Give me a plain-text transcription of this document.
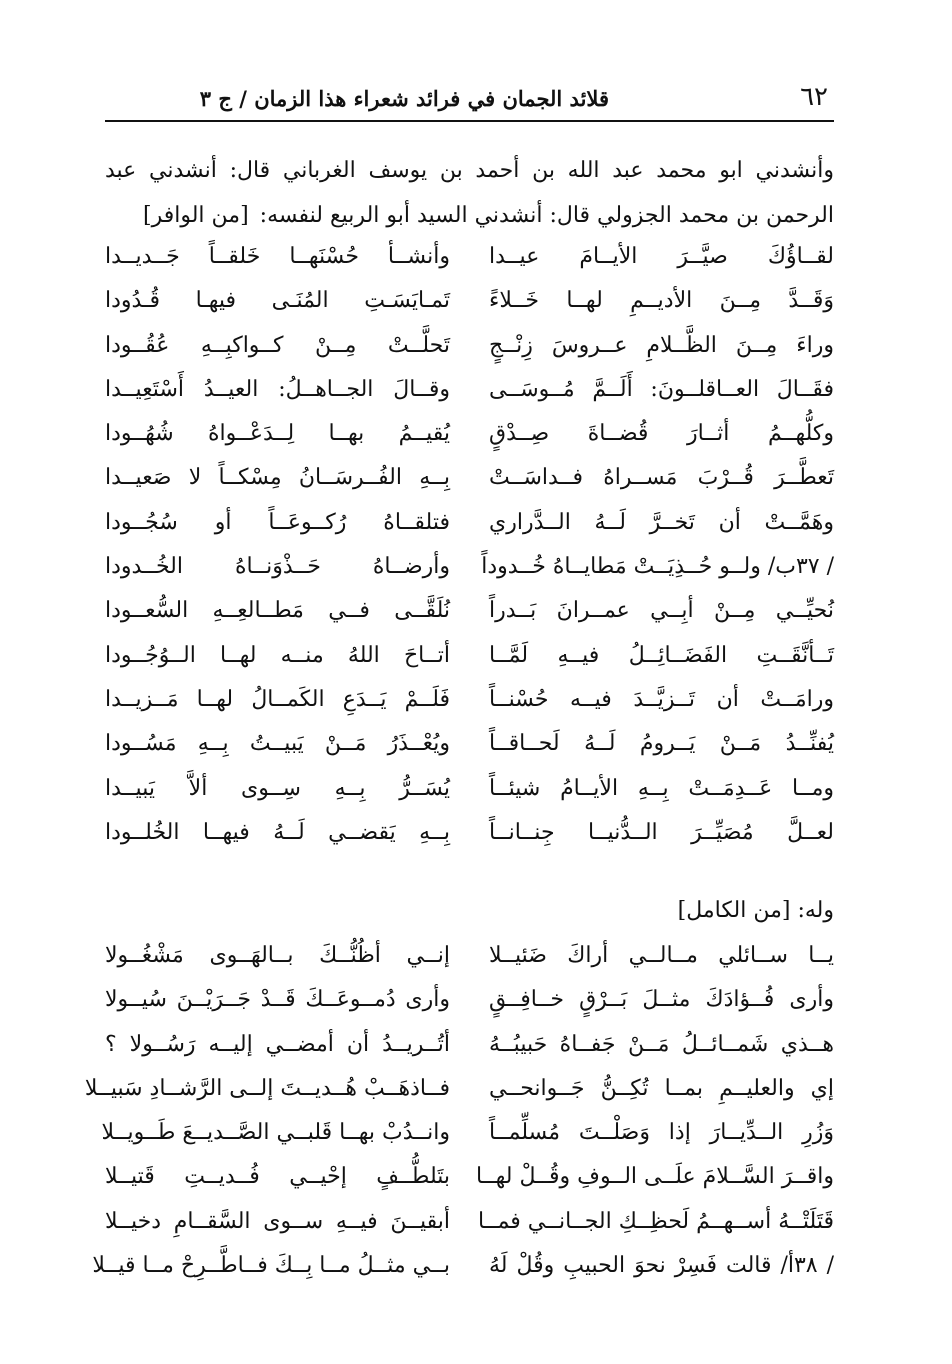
٦٢
قلائد الجمان في فرائد شعراء هذا الزمان / ج ٣
وأنشدني ابو محمد عبد الله بن أحمد بن يوسف الغرباني قال: أنشدني عبد
الرحمن بن محمد الجزولي قال: أنشدني السيد أبو الربيع لنفسه: [من الوافر]
لقــاؤُكَ صيَّــرَ الأيــامَ عيــدا
وأنشــأ حُسْنَهــا خَلقــاً جَــديــدا
وَقَــدَّ مِــنَ الأديــمِ لهــا خَــلاءً
تَمـايَسَـتِ المُنَـى فيهـا قُـدُودا
وراءَ مِــنَ الظَّــلامِ عــروسَ زِنْــجٍ
تَحلَّــتْ مِــنْ كــواكبِــهِ عُقُــودا
فقَــالَ العــاقلــونَ: أَلَــمَّ مُــوسَــى
وقــالَ الجــاهــلُ: العيــدُ أَسْتَعِيــدا
وكلُّهــمُ أثــارَ قُضــاةَ صِــدْقٍ
يُقيــمُ بهــا لِــدَعْــواهُ شُهُــودا
تَعطَّــرَ قُــرْبَ مَســراهُ فــداسَــتْ
بِــهِ الفُــرسَــانُ مِسْكــاً لا صَعيــدا
وهَمَّــتْ أن تَخــرَّ لَــهُ الــدَّراري
فتلقــاهُ رُكــوعَــاً أو سُجُــودا
/ ٣٧ب/ ولــو حُــذِيَــتْ مَطايــاهُ خُــدوداً
وأرضــاهُ حَــذْوَنــاهُ الخُــدودا
نُحيِّــي مِــنْ أبِــي عمــرانَ بَــدراً
نُلَقَّــى فــي مَطــالعِــهِ السُّعــودا
تَــأنَّقَــتِ الفَضَــائِــلُ فيــهِ لَمَّــا
أتــاحَ اللهُ منــه لهــا الــوُجُــودا
ورامَــتْ أن تَــزيَّــدَ فيــه حُسْنــاً
فَلَــمْ يَــدَعِ الكَمــالُ لهــا مَــزيــدا
يُفنِّــدُ مَــنْ يَــرومُ لَــهُ لَحــاقــاً
ويُعْــذَرُ مَــنْ يَبيــتُ بِــهِ مَسُــودا
ومــا عَــدِمَــتْ بِــهِ الأيــامُ شيئــاً
يُسَــرُّ بِــهِ سِــوى ألاَّ يَبيــدا
لعــلَّ مُصَيِّــرَ الــدُّنيــا جِنــانــاً
بِــهِ يَقضــي لَــهُ فيهــا الخُلــودا
وله: [من الكامل]
يــا ســائلي مــالــي أراكَ ضَئيــلا
إنــي أظُنُّــكَ بــالهَــوى مَشْغُــولا
وأرى فُــؤادَكَ مثــلَ بَــرْقٍ خــافِــقٍ
وأرى دُمــوعَــكَ قَــدْ جَــرَيْــنَ سُيــولا
هــذي شَمــائــلُ مَــنْ جَفــاهُ حَبيبُــهُ
أتُــريــدُ أن أمضــي إليــه رَسُــولا ؟
إي والعليــمِ بمــا تُكِــنُّ جَــوانحــي
فــاذهَــبْ هُــديــتَ إلــى الرَّشــادِ سَبيــلا
وَزُرِ الــدِّيــارَ إذا وَصَلْــتَ مُسلِّمــاً
وانــدُبْ بهــا قَلبــي الصَّــديــعَ طَــويــلا
واقــرَ السَّــلامَ علَــى الــوفِ وقُــلْ لهــا
بتَلطُّــفٍ إحْيــي فُــديــتِ قَتيــلا
قَتَلَتْــهُ أســهــمُ لَحظِــكِ الجــانــي فمــا
أبقيــنَ فيــهِ ســوى السَّقــامِ دخيــلا
/ ٣٨أ/ قالت فَسِرْ نحوَ الحبيبِ وقُلْ لَهُ
بــي مثــلُ مــا بِــكَ فــاطَّــرِحْ مــا قيــلا
